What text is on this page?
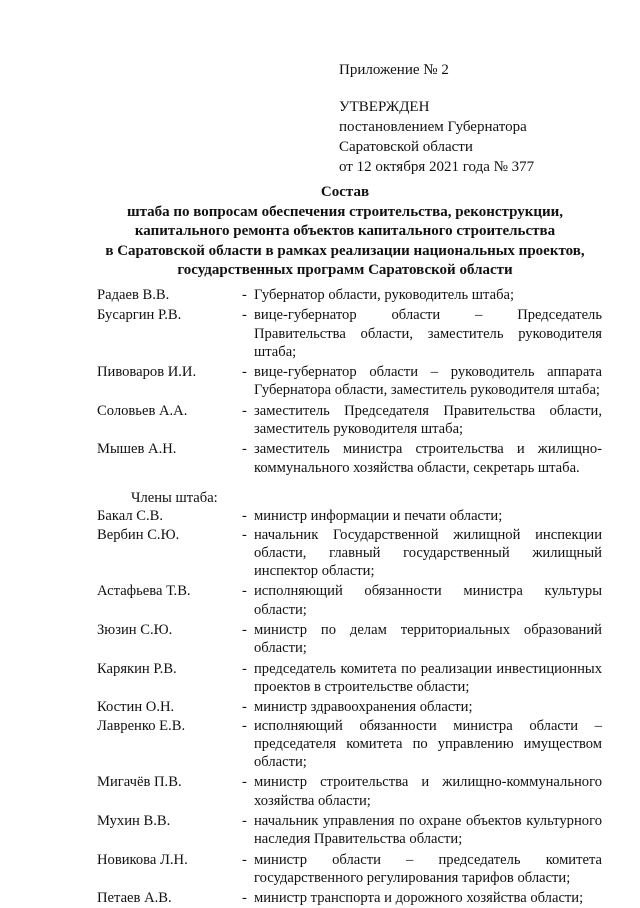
Приложение № 2
УТВЕРЖДЕН
постановлением Губернатора
Саратовской области
от 12 октября 2021 года № 377
Состав
штаба по вопросам обеспечения строительства, реконструкции,
капитального ремонта объектов капитального строительства
в Саратовской области в рамках реализации национальных проектов,
государственных программ Саратовской области
Радаев В.В.	- Губернатор области, руководитель штаба;
Бусаргин Р.В.	- вице-губернатор области – Председатель Правительства области, заместитель руководителя штаба;
Пивоваров И.И.	- вице-губернатор области – руководитель аппарата Губернатора области, заместитель руководителя штаба;
Соловьев А.А.	- заместитель Председателя Правительства области, заместитель руководителя штаба;
Мышев А.Н.	- заместитель министра строительства и жилищно-коммунального хозяйства области, секретарь штаба.
Члены штаба:
Бакал С.В.	- министр информации и печати области;
Вербин С.Ю.	- начальник Государственной жилищной инспекции области, главный государственный жилищный инспектор области;
Астафьева Т.В.	- исполняющий обязанности министра культуры области;
Зюзин С.Ю.	- министр по делам территориальных образований области;
Карякин Р.В.	- председатель комитета по реализации инвестиционных проектов в строительстве области;
Костин О.Н.	- министр здравоохранения области;
Лавренко Е.В.	- исполняющий обязанности министра области – председателя комитета по управлению имуществом области;
Мигачёв П.В.	- министр строительства и жилищно-коммунального хозяйства области;
Мухин В.В.	- начальник управления по охране объектов культурного наследия Правительства области;
Новикова Л.Н.	- министр области – председатель комитета государственного регулирования тарифов области;
Петаев А.В.	- министр транспорта и дорожного хозяйства области;
